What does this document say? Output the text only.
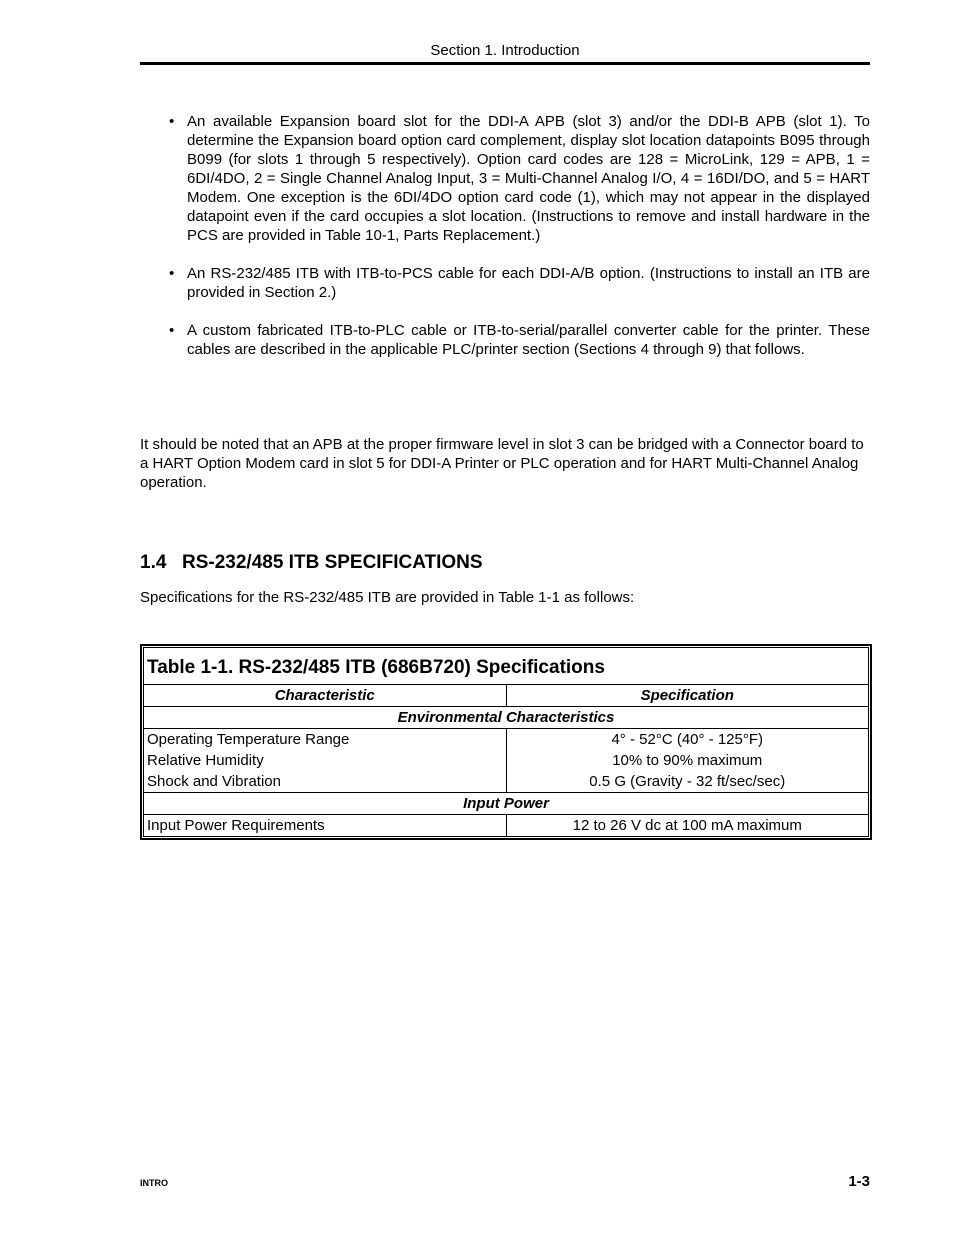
Section 1. Introduction
• An available Expansion board slot for the DDI-A APB (slot 3) and/or the DDI-B APB (slot 1). To determine the Expansion board option card complement, display slot location datapoints B095 through B099 (for slots 1 through 5 respectively). Option card codes are 128 = MicroLink, 129 = APB, 1 = 6DI/4DO, 2 = Single Channel Analog Input, 3 = Multi-Channel Analog I/O, 4 = 16DI/DO, and 5 = HART Modem. One exception is the 6DI/4DO option card code (1), which may not appear in the displayed datapoint even if the card occupies a slot location. (Instructions to remove and install hardware in the PCS are provided in Table 10-1, Parts Replacement.)
• An RS-232/485 ITB with ITB-to-PCS cable for each DDI-A/B option. (Instructions to install an ITB are provided in Section 2.)
• A custom fabricated ITB-to-PLC cable or ITB-to-serial/parallel converter cable for the printer. These cables are described in the applicable PLC/printer section (Sections 4 through 9) that follows.

It should be noted that an APB at the proper firmware level in slot 3 can be bridged with a Connector board to a HART Option Modem card in slot 5 for DDI-A Printer or PLC operation and for HART Multi-Channel Analog operation.

1.4 RS-232/485 ITB SPECIFICATIONS

Specifications for the RS-232/485 ITB are provided in Table 1-1 as follows:

Table 1-1. RS-232/485 ITB (686B720) Specifications	
Characteristic	Specification
Environmental Characteristics	
Operating Temperature Range	4° - 52°C (40° - 125°F)
Relative Humidity	10% to 90% maximum
Shock and Vibration	0.5 G (Gravity - 32 ft/sec/sec)
Input Power	
Input Power Requirements	12 to 26 V dc at 100 mA maximum
INTRO	1-3
